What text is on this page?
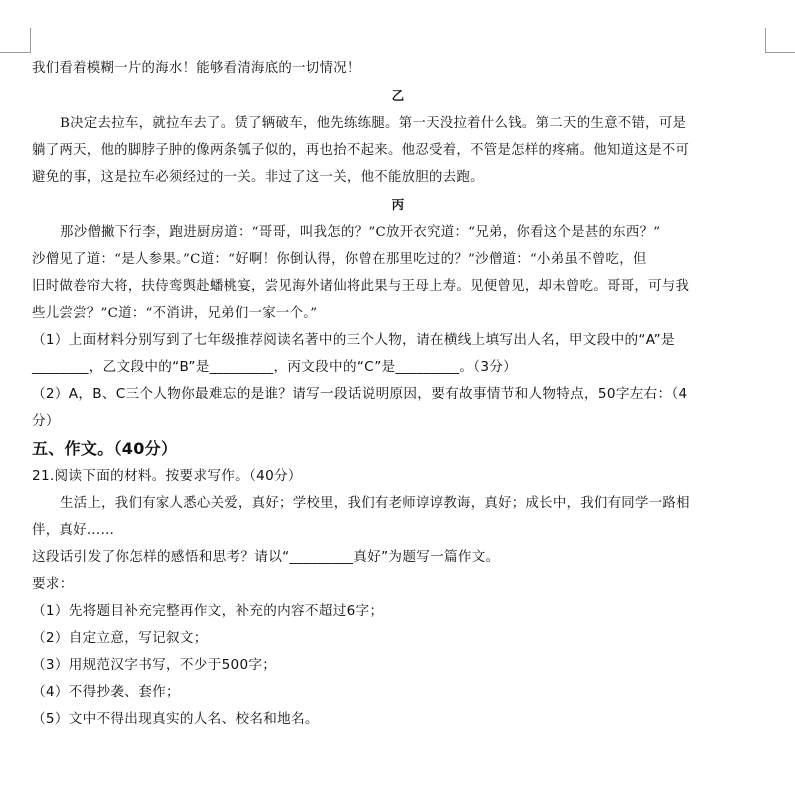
我们看着模糊一片的海水！能够看清海底的一切情况！
乙
B决定去拉车，就拉车去了。赁了辆破车，他先练练腿。第一天没拉着什么钱。第二天的生意不错，可是
躺了两天，他的脚脖子肿的像两条瓠子似的，再也抬不起来。他忍受着，不管是怎样的疼痛。他知道这是不可
避免的事，这是拉车必须经过的一关。非过了这一关，他不能放胆的去跑。
丙
那沙僧撇下行李，跑进厨房道：“哥哥，叫我怎的？”C放开衣究道：“兄弟，你看这个是甚的东西？”
沙僧见了道：“是人参果。”C道：“好啊！你倒认得，你曾在那里吃过的？”沙僧道：“小弟虽不曾吃，但
旧时做卷帘大将，扶侍鸾舆赴蟠桃宴，尝见海外诸仙将此果与王母上寿。见便曾见，却未曾吃。哥哥，可与我
些儿尝尝？”C道：“不消讲，兄弟们一家一个。”
（1）上面材料分别写到了七年级推荐阅读名著中的三个人物，请在横线上填写出人名，甲文段中的“A”是
________，乙文段中的“B”是_________，丙文段中的“C”是_________。（3分）
（2）A，B、C三个人物你最难忘的是谁？请写一段话说明原因，要有故事情节和人物特点，50字左右：（4
分）
五、作文。（40分）
21.阅读下面的材料。按要求写作。（40分）
生活上，我们有家人悉心关爱，真好；学校里，我们有老师谆谆教诲，真好；成长中，我们有同学一路相
伴，真好……
这段话引发了你怎样的感悟和思考？请以“_________真好”为题写一篇作文。
要求：
（1）先将题目补充完整再作文，补充的内容不超过6字；
（2）自定立意，写记叙文；
（3）用规范汉字书写，不少于500字；
（4）不得抄袭、套作；
（5）文中不得出现真实的人名、校名和地名。
